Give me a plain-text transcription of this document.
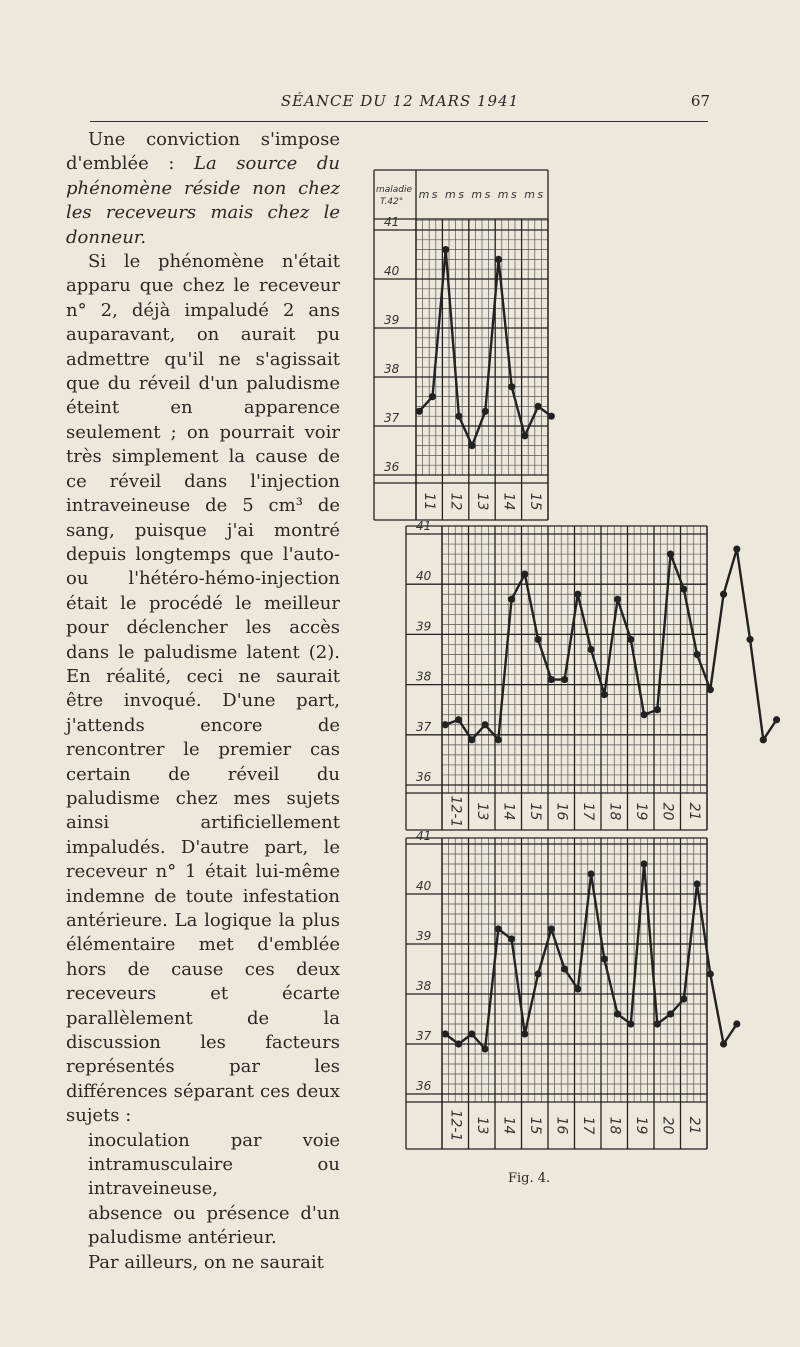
SÉANCE DU 12 MARS 1941	67

Une conviction s'impose d'emblée : La source du phénomène réside non chez les receveurs mais chez le donneur.

Si le phénomène n'était apparu que chez le receveur n° 2, déjà impaludé 2 ans auparavant, on aurait pu admettre qu'il ne s'agissait que du réveil d'un paludisme éteint en apparence seulement ; on pourrait voir très simplement la cause de ce réveil dans l'injection intraveineuse de 5 cm³ de sang, puisque j'ai montré depuis longtemps que l'auto- ou l'hétéro-hémo-injection était le procédé le meilleur pour déclencher les accès dans le paludisme latent (2). En réalité, ceci ne saurait être invoqué. D'une part, j'attends encore de rencontrer le premier cas certain de réveil du paludisme chez mes sujets ainsi artificiellement impaludés. D'autre part, le receveur n° 1 était lui-même indemne de toute infestation antérieure. La logique la plus élémentaire met d'emblée hors de cause ces deux receveurs et écarte parallèlement de la discussion les facteurs représentés par les différences séparant ces deux sujets :

inoculation par voie intramusculaire ou intraveineuse,

absence ou présence d'un paludisme antérieur.

Par ailleurs, on ne saurait

41
40
39
38
37
36
maladie
T.42°
m s m s m s m s m s
11 12 13 14 15
41
40
39
38
37
36
12-1 13 14 15 16 17 18 19 20 21
41
40
39
38
37
36
12-1 13 14 15 16 17 18 19 20 21
Fig. 4.
